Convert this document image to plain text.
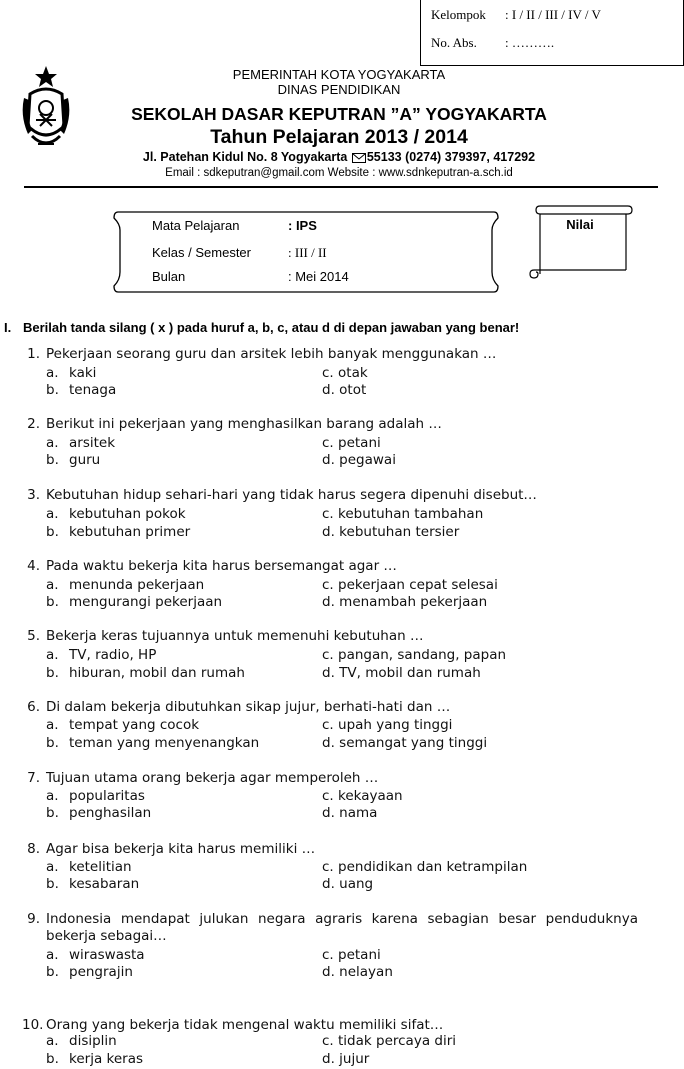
Kelompok : I / II / III / IV / V
No. Abs. : ……….
PEMERINTAH KOTA YOGYAKARTA
DINAS PENDIDIKAN
SEKOLAH DASAR KEPUTRAN ”A” YOGYAKARTA
Tahun Pelajaran 2013 / 2014
Jl. Patehan Kidul No. 8 Yogyakarta 55133 (0274) 379397, 417292
Email : sdkeputran@gmail.com Website : www.sdnkeputran-a.sch.id
Mata Pelajaran	: IPS
Kelas / Semester	: III / II
Bulan	: Mei 2014
Nilai
I. Berilah tanda silang ( x ) pada huruf a, b, c, atau d di depan jawaban yang benar!
1. Pekerjaan seorang guru dan arsitek lebih banyak menggunakan …
a. kaki	c. otak
b. tenaga	d. otot
2. Berikut ini pekerjaan yang menghasilkan barang adalah …
a. arsitek	c. petani
b. guru	d. pegawai
3. Kebutuhan hidup sehari-hari yang tidak harus segera dipenuhi disebut…
a. kebutuhan pokok	c. kebutuhan tambahan
b. kebutuhan primer	d. kebutuhan tersier
4. Pada waktu bekerja kita harus bersemangat agar …
a. menunda pekerjaan	c. pekerjaan cepat selesai
b. mengurangi pekerjaan	d. menambah pekerjaan
5. Bekerja keras tujuannya untuk memenuhi kebutuhan …
a. TV, radio, HP	c. pangan, sandang, papan
b. hiburan, mobil dan rumah	d. TV, mobil dan rumah
6. Di dalam bekerja dibutuhkan sikap jujur, berhati-hati dan …
a. tempat yang cocok	c. upah yang tinggi
b. teman yang menyenangkan	d. semangat yang tinggi
7. Tujuan utama orang bekerja agar memperoleh …
a. popularitas	c. kekayaan
b. penghasilan	d. nama
8. Agar bisa bekerja kita harus memiliki …
a. ketelitian	c. pendidikan dan ketrampilan
b. kesabaran	d. uang
9. Indonesia mendapat julukan negara agraris karena sebagian besar penduduknya bekerja sebagai…
a. wiraswasta	c. petani
b. pengrajin	d. nelayan
10. Orang yang bekerja tidak mengenal waktu memiliki sifat…
a. disiplin	c. tidak percaya diri
b. kerja keras	d. jujur
